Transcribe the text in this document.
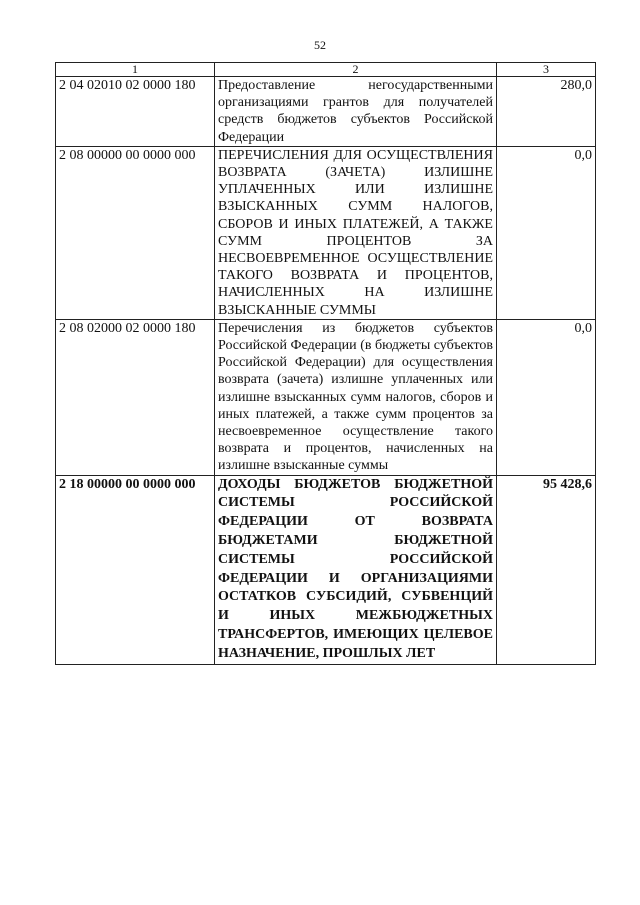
52
1	2	3
2 04 02010 02 0000 180	Предоставление негосударственными организациями грантов для получателей средств бюджетов субъектов Российской Федерации	280,0
2 08 00000 00 0000 000	ПЕРЕЧИСЛЕНИЯ ДЛЯ ОСУЩЕСТВЛЕНИЯ ВОЗВРАТА (ЗАЧЕТА) ИЗЛИШНЕ УПЛАЧЕННЫХ ИЛИ ИЗЛИШНЕ ВЗЫСКАННЫХ СУММ НАЛОГОВ, СБОРОВ И ИНЫХ ПЛАТЕЖЕЙ, А ТАКЖЕ СУММ ПРОЦЕНТОВ ЗА НЕСВОЕВРЕМЕННОЕ ОСУЩЕСТВЛЕНИЕ ТАКОГО ВОЗВРАТА И ПРОЦЕНТОВ, НАЧИСЛЕННЫХ НА ИЗЛИШНЕ ВЗЫСКАННЫЕ СУММЫ	0,0
2 08 02000 02 0000 180	Перечисления из бюджетов субъектов Российской Федерации (в бюджеты субъектов Российской Федерации) для осуществления возврата (зачета) излишне уплаченных или излишне взысканных сумм налогов, сборов и иных платежей, а также сумм процентов за несвоевременное осуществление такого возврата и процентов, начисленных на излишне взысканные суммы	0,0
2 18 00000 00 0000 000	ДОХОДЫ БЮДЖЕТОВ БЮДЖЕТНОЙ СИСТЕМЫ РОССИЙСКОЙ ФЕДЕРАЦИИ ОТ ВОЗВРАТА БЮДЖЕТАМИ БЮДЖЕТНОЙ СИСТЕМЫ РОССИЙСКОЙ ФЕДЕРАЦИИ И ОРГАНИЗАЦИЯМИ ОСТАТКОВ СУБСИДИЙ, СУБВЕНЦИЙ И ИНЫХ МЕЖБЮДЖЕТНЫХ ТРАНСФЕРТОВ, ИМЕЮЩИХ ЦЕЛЕВОЕ НАЗНАЧЕНИЕ, ПРОШЛЫХ ЛЕТ	95 428,6
